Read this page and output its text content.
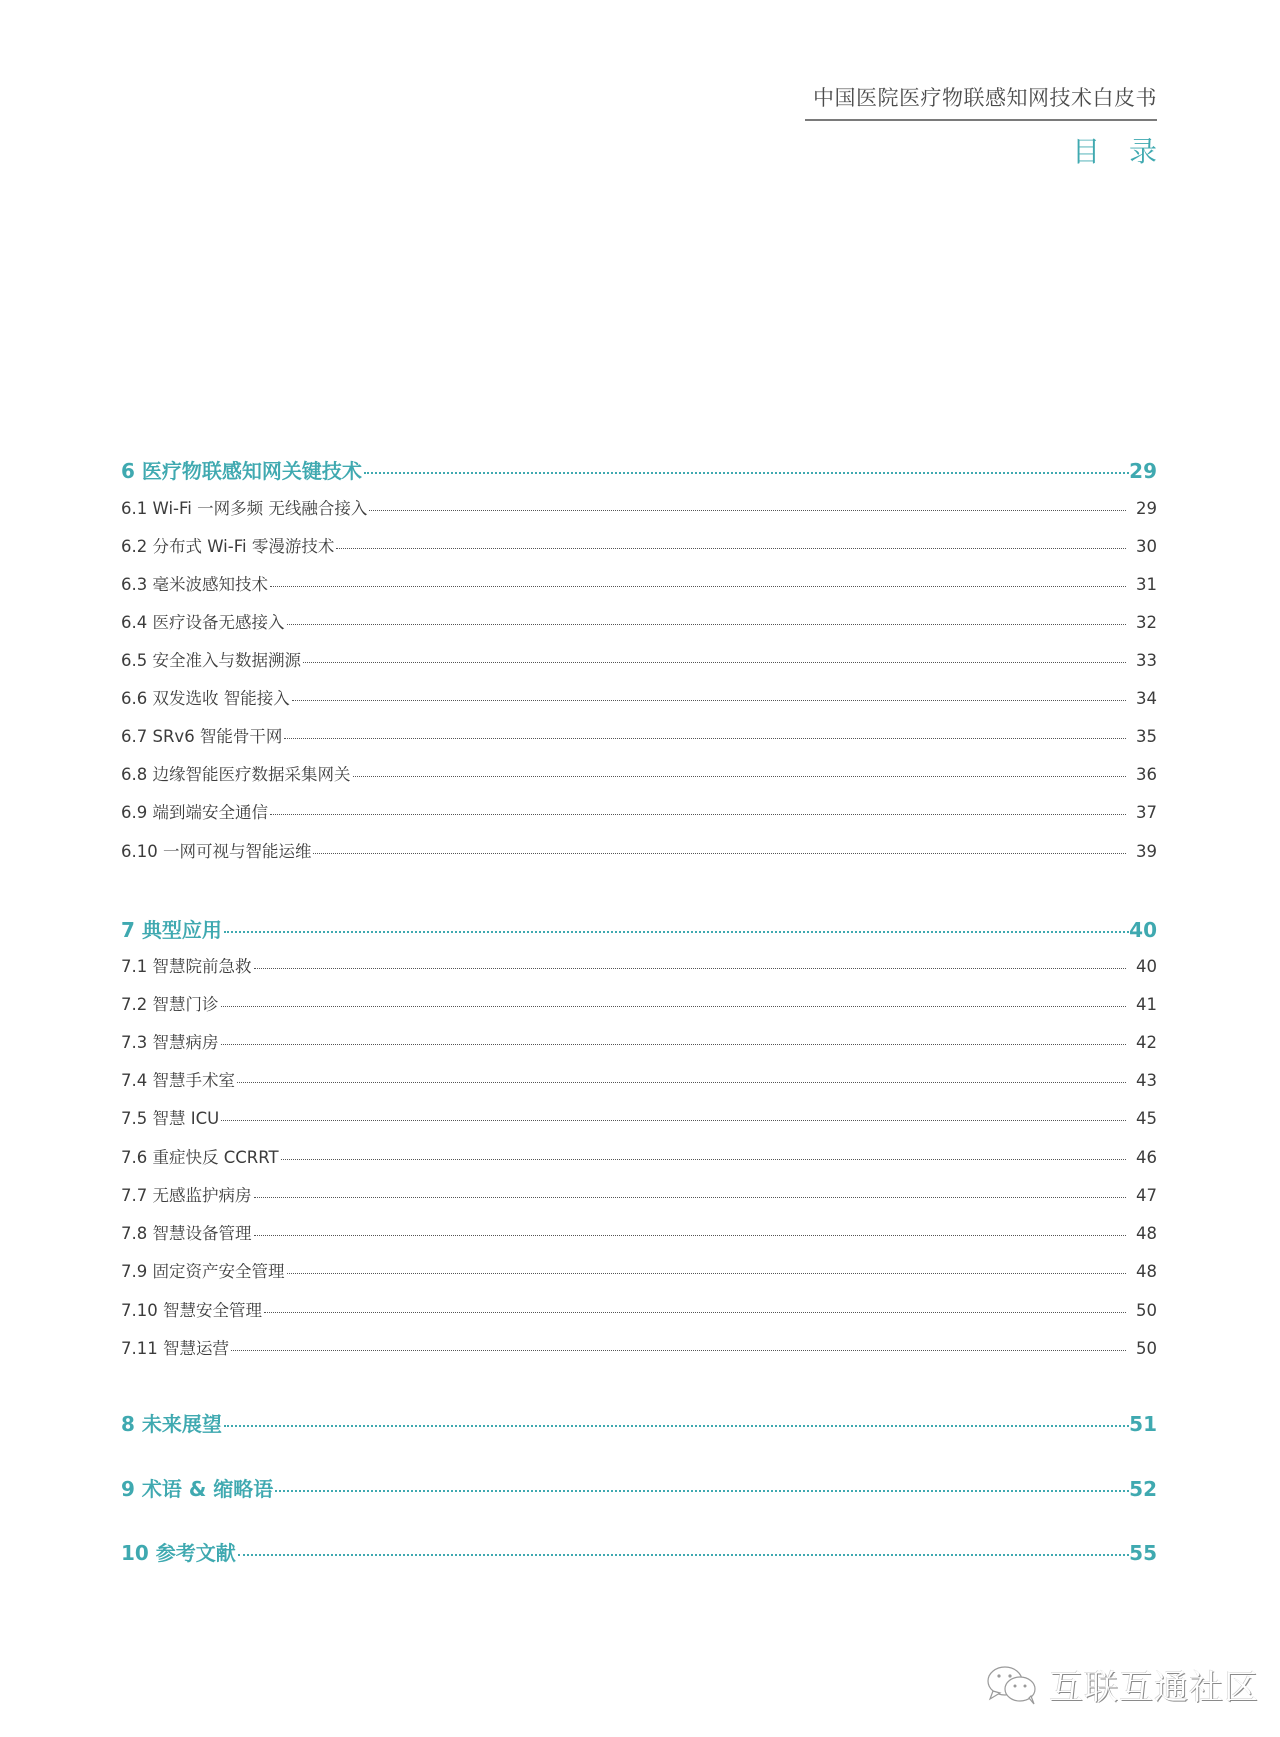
中国医院医疗物联感知网技术白皮书
目 录
6 医疗物联感知网关键技术	29
6.1 Wi-Fi 一网多频 无线融合接入	29
6.2 分布式 Wi-Fi 零漫游技术	30
6.3 毫米波感知技术	31
6.4 医疗设备无感接入	32
6.5 安全准入与数据溯源	33
6.6 双发选收 智能接入	34
6.7 SRv6 智能骨干网	35
6.8 边缘智能医疗数据采集网关	36
6.9 端到端安全通信	37
6.10 一网可视与智能运维	39
7 典型应用	40
7.1 智慧院前急救	40
7.2 智慧门诊	41
7.3 智慧病房	42
7.4 智慧手术室	43
7.5 智慧 ICU	45
7.6 重症快反 CCRRT	46
7.7 无感监护病房	47
7.8 智慧设备管理	48
7.9 固定资产安全管理	48
7.10 智慧安全管理	50
7.11 智慧运营	50
8 未来展望	51
9 术语 & 缩略语	52
10 参考文献	55
互联互通社区
